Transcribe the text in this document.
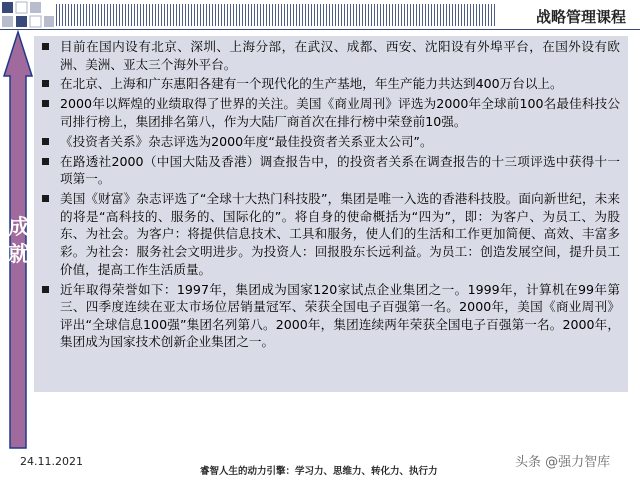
战略管理课程
成
就
目前在国内设有北京、深圳、上海分部，在武汉、成都、西安、沈阳设有外埠平台，在国外设有欧洲、美洲、亚太三个海外平台。
在北京、上海和广东惠阳各建有一个现代化的生产基地，年生产能力共达到400万台以上。
2000年以辉煌的业绩取得了世界的关注。美国《商业周刊》评选为2000年全球前100名最佳科技公司排行榜上，集团排名第八，作为大陆厂商首次在排行榜中荣登前10强。
《投资者关系》杂志评选为2000年度“最佳投资者关系亚太公司”。
在路透社2000（中国大陆及香港）调查报告中，的投资者关系在调查报告的十三项评选中获得十一项第一。
美国《财富》杂志评选了“全球十大热门科技股”，集团是唯一入选的香港科技股。面向新世纪，未来的将是“高科技的、服务的、国际化的”。将自身的使命概括为“四为”，即：为客户、为员工、为股东、为社会。为客户：将提供信息技术、工具和服务，使人们的生活和工作更加简便、高效、丰富多彩。为社会：服务社会文明进步。为投资人：回报股东长远利益。为员工：创造发展空间，提升员工价值，提高工作生活质量。
近年取得荣誉如下：1997年，集团成为国家120家试点企业集团之一。1999年，计算机在99年第三、四季度连续在亚太市场位居销量冠军、荣获全国电子百强第一名。2000年，美国《商业周刊》评出“全球信息100强”集团名列第八。2000年，集团连续两年荣获全国电子百强第一名。2000年，集团成为国家技术创新企业集团之一。
24.11.2021
睿智人生的动力引擎：学习力、思维力、转化力、执行力
头条 @强力智库
